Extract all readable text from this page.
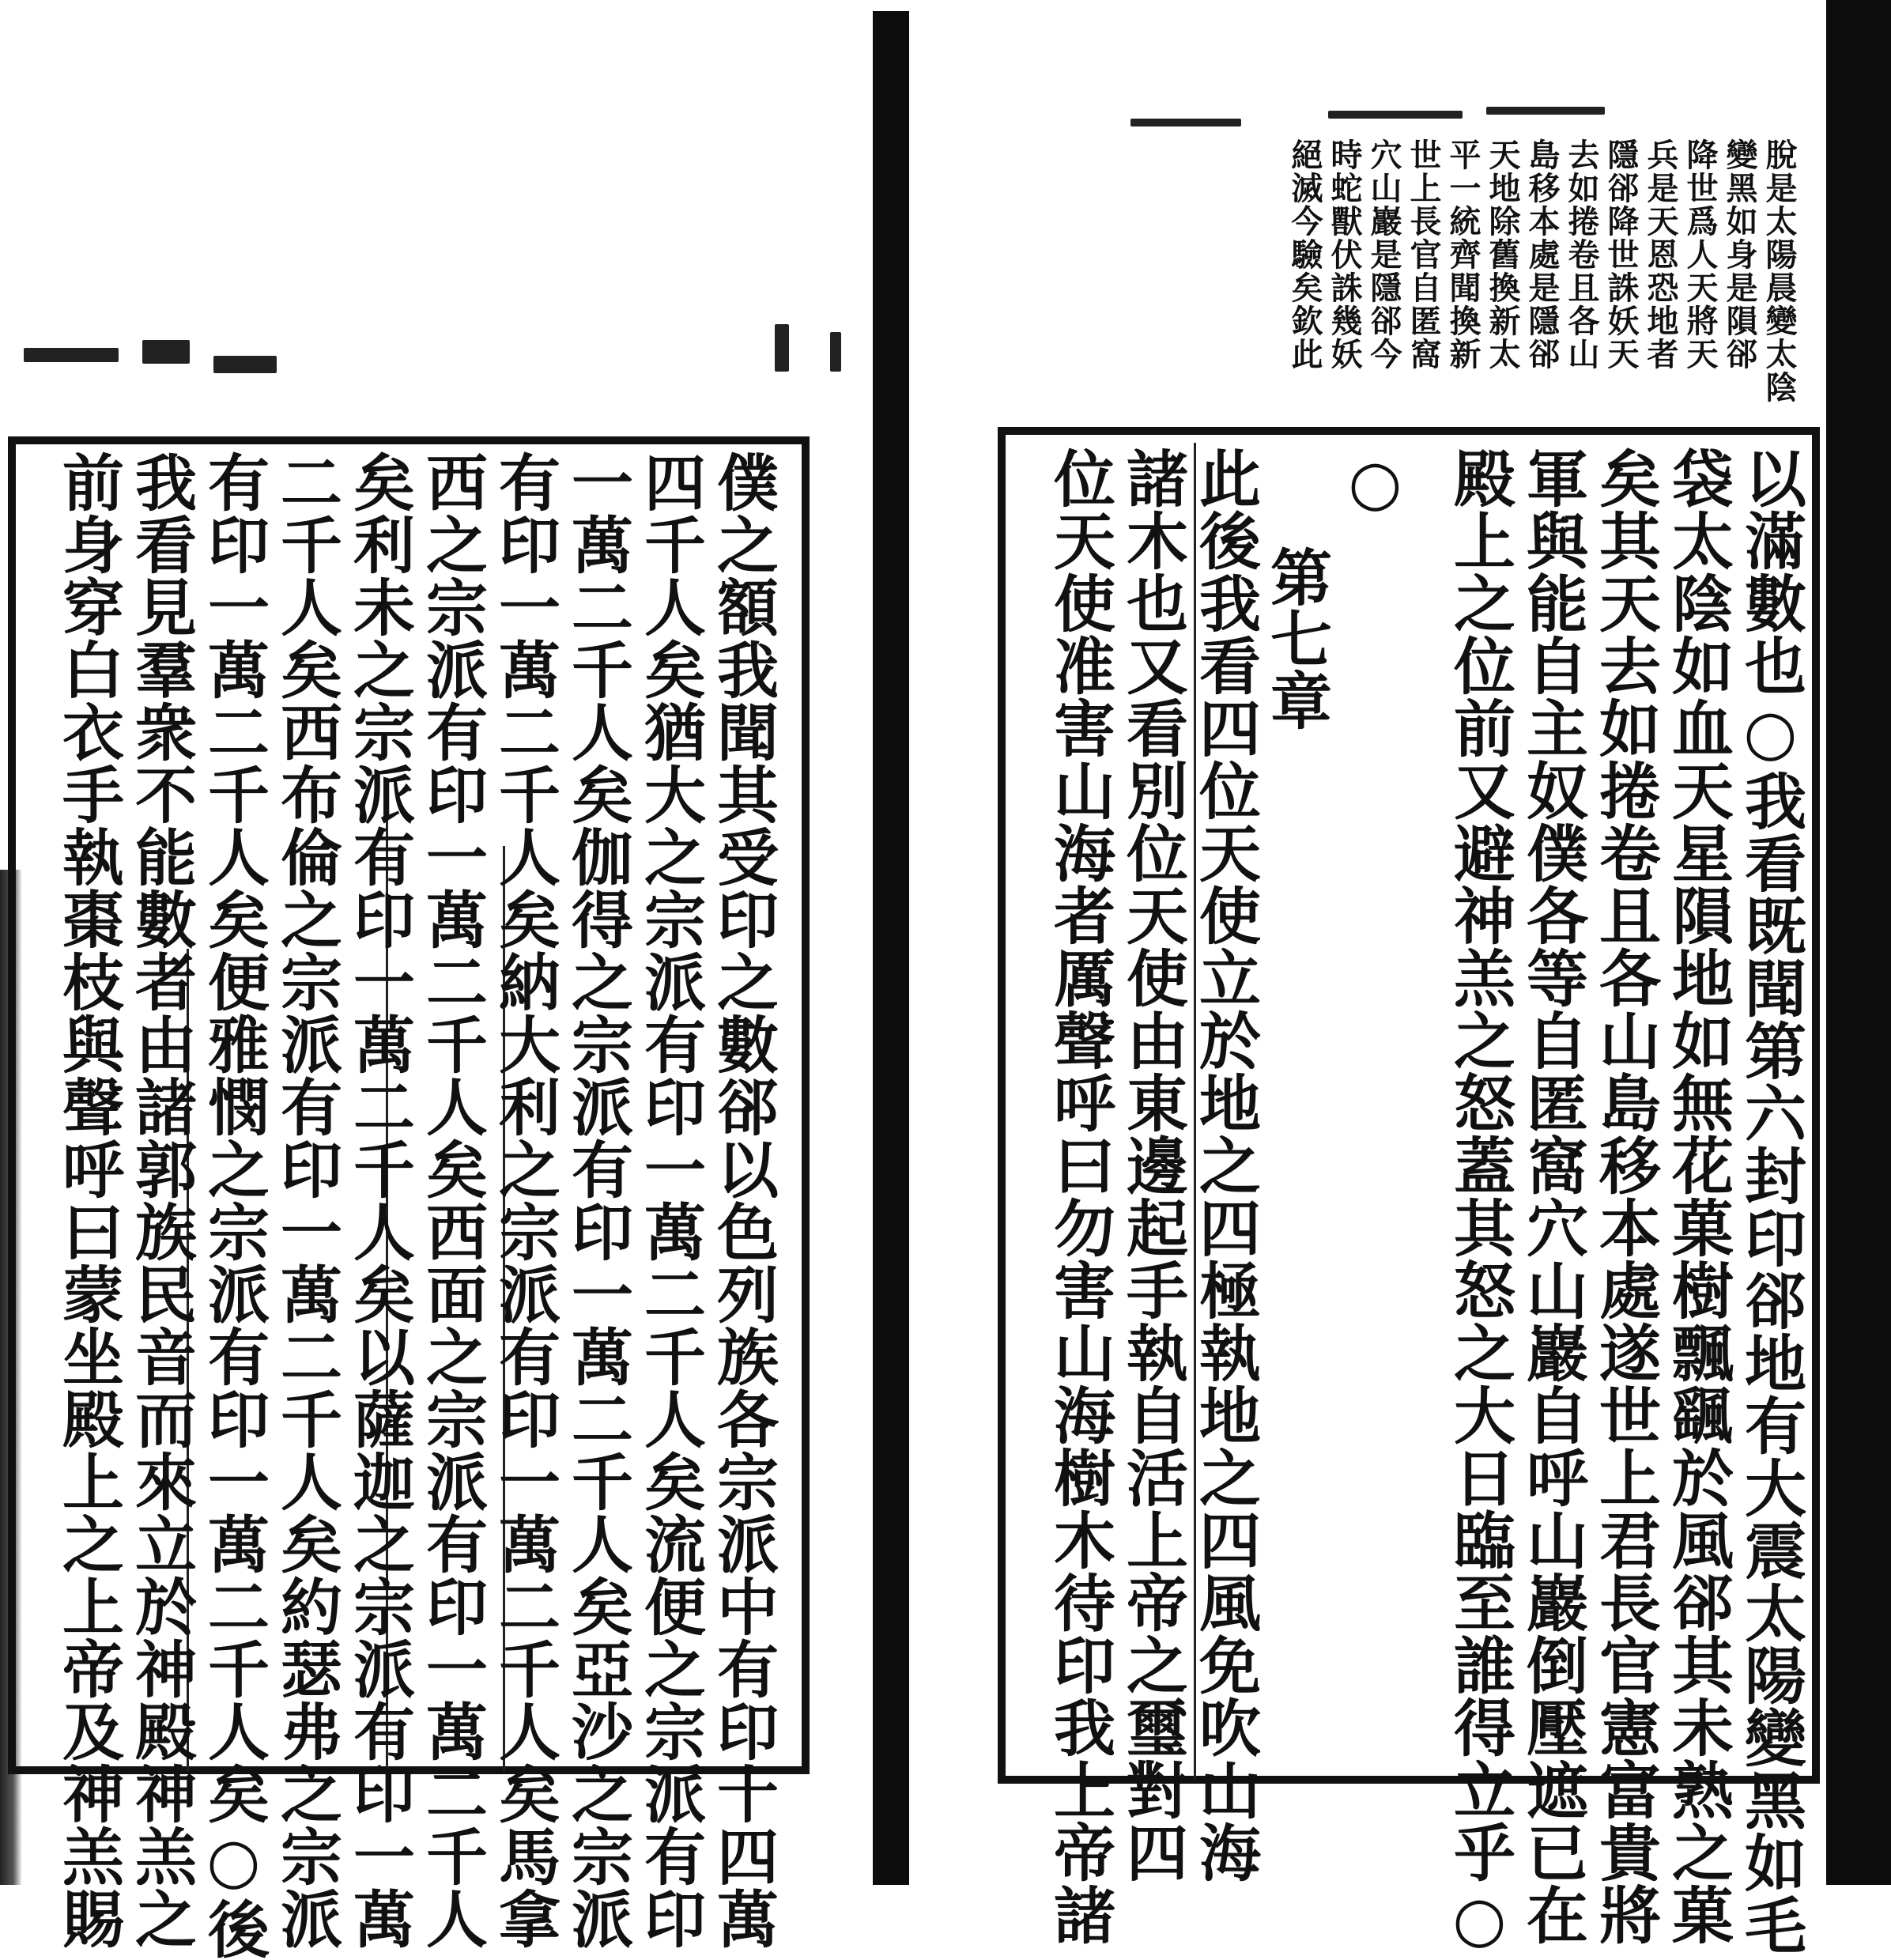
僕之額我聞其受印之數郤以色列族各宗派中有印十四萬
四千人矣猶大之宗派有印一萬二千人矣流便之宗派有印
一萬二千人矣伽得之宗派有印一萬二千人矣亞沙之宗派
有印一萬二千人矣納大利之宗派有印一萬二千人矣馬拿
西之宗派有印一萬二千人矣西面之宗派有印一萬二千人
矣利未之宗派有印一萬二千人矣以薩迦之宗派有印一萬
二千人矣西布倫之宗派有印一萬二千人矣約瑟弗之宗派
有印一萬二千人矣便雅憫之宗派有印一萬二千人矣○後
我看見羣衆不能數者由諸郭族民音而來立於神殿神羔之
前身穿白衣手執棗枝與聲呼曰蒙坐殿上之上帝及神羔賜
脫是太陽晨變太陰
變黑如身是隕郤
降世爲人天將天
兵是天恩恐地者
隱郤降世誅妖天
去如捲卷且各山
島移本處是隱郤
天地除舊換新太
平一統齊聞換新
世上長官自匿窩
穴山巖是隱郤今
時蛇獸伏誅幾妖
絕滅今驗矣欽此
以滿數也○我看既聞第六封印郤地有大震太陽變黑如毛
袋太陰如血天星隕地如無花菓樹飄颻於風郤其未熟之菓
矣其天去如捲卷且各山島移本處遂世上君長官憲富貴將
軍與能自主奴僕各等自匿窩穴山巖自呼山巖倒壓遮已在
殿上之位前又避神羔之怒蓋其怒之大日臨至誰得立乎○
○
第七章
此後我看四位天使立於地之四極執地之四風免吹山海
諸木也又看別位天使由東邊起手執自活上帝之璽對四
位天使准害山海者厲聲呼曰勿害山海樹木待印我上帝諸
